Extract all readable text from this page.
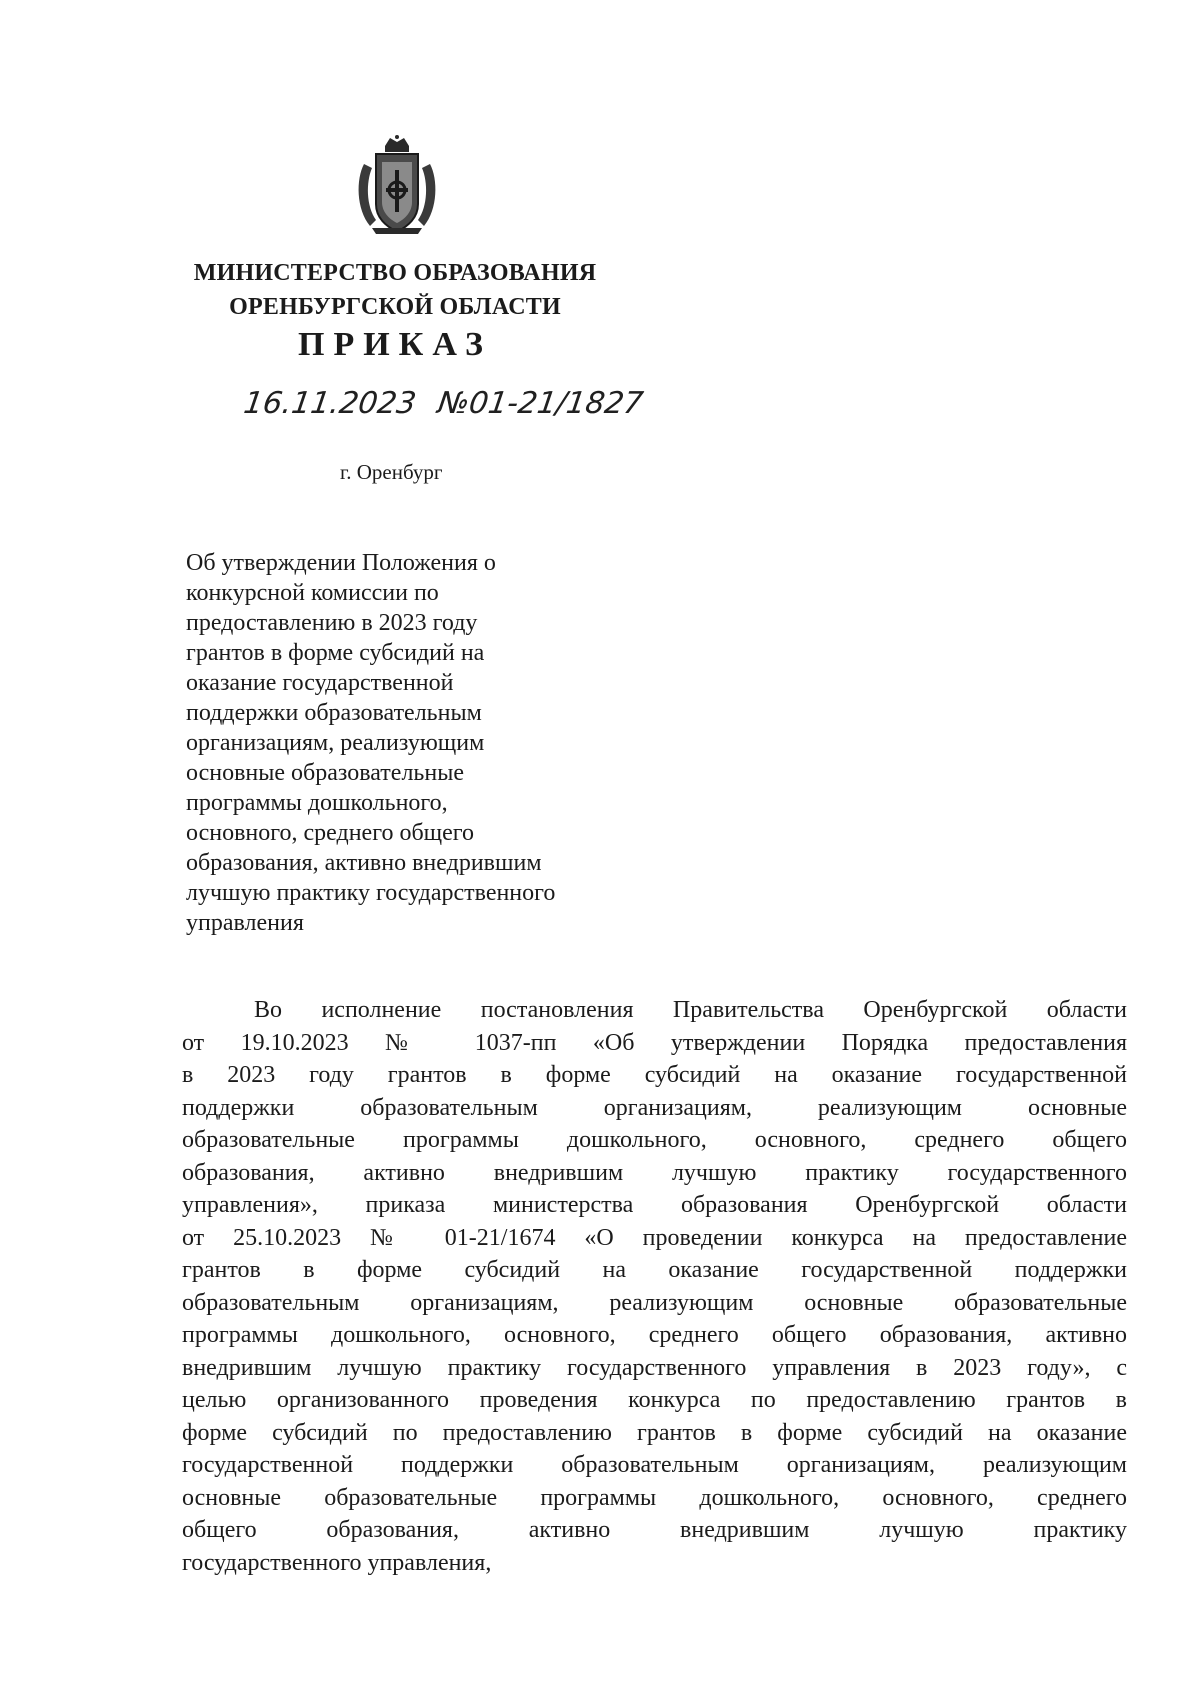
МИНИСТЕРСТВО ОБРАЗОВАНИЯ
ОРЕНБУРГСКОЙ ОБЛАСТИ
ПРИКАЗ
16.11.2023 №01-21/1827
г. Оренбург
Об утверждении Положения о
конкурсной комиссии по
предоставлению в 2023 году
грантов в форме субсидий на
оказание государственной
поддержки образовательным
организациям, реализующим
основные образовательные
программы дошкольного,
основного, среднего общего
образования, активно внедрившим
лучшую практику государственного
управления
Во исполнение постановления Правительства Оренбургской области
от 19.10.2023 № 1037-пп «Об утверждении Порядка предоставления
в 2023 году грантов в форме субсидий на оказание государственной
поддержки образовательным организациям, реализующим основные
образовательные программы дошкольного, основного, среднего общего
образования, активно внедрившим лучшую практику государственного
управления», приказа министерства образования Оренбургской области
от 25.10.2023 № 01-21/1674 «О проведении конкурса на предоставление
грантов в форме субсидий на оказание государственной поддержки
образовательным организациям, реализующим основные образовательные
программы дошкольного, основного, среднего общего образования, активно
внедрившим лучшую практику государственного управления в 2023 году», с
целью организованного проведения конкурса по предоставлению грантов в
форме субсидий по предоставлению грантов в форме субсидий на оказание
государственной поддержки образовательным организациям, реализующим
основные образовательные программы дошкольного, основного, среднего
общего образования, активно внедрившим лучшую практику
государственного управления,
